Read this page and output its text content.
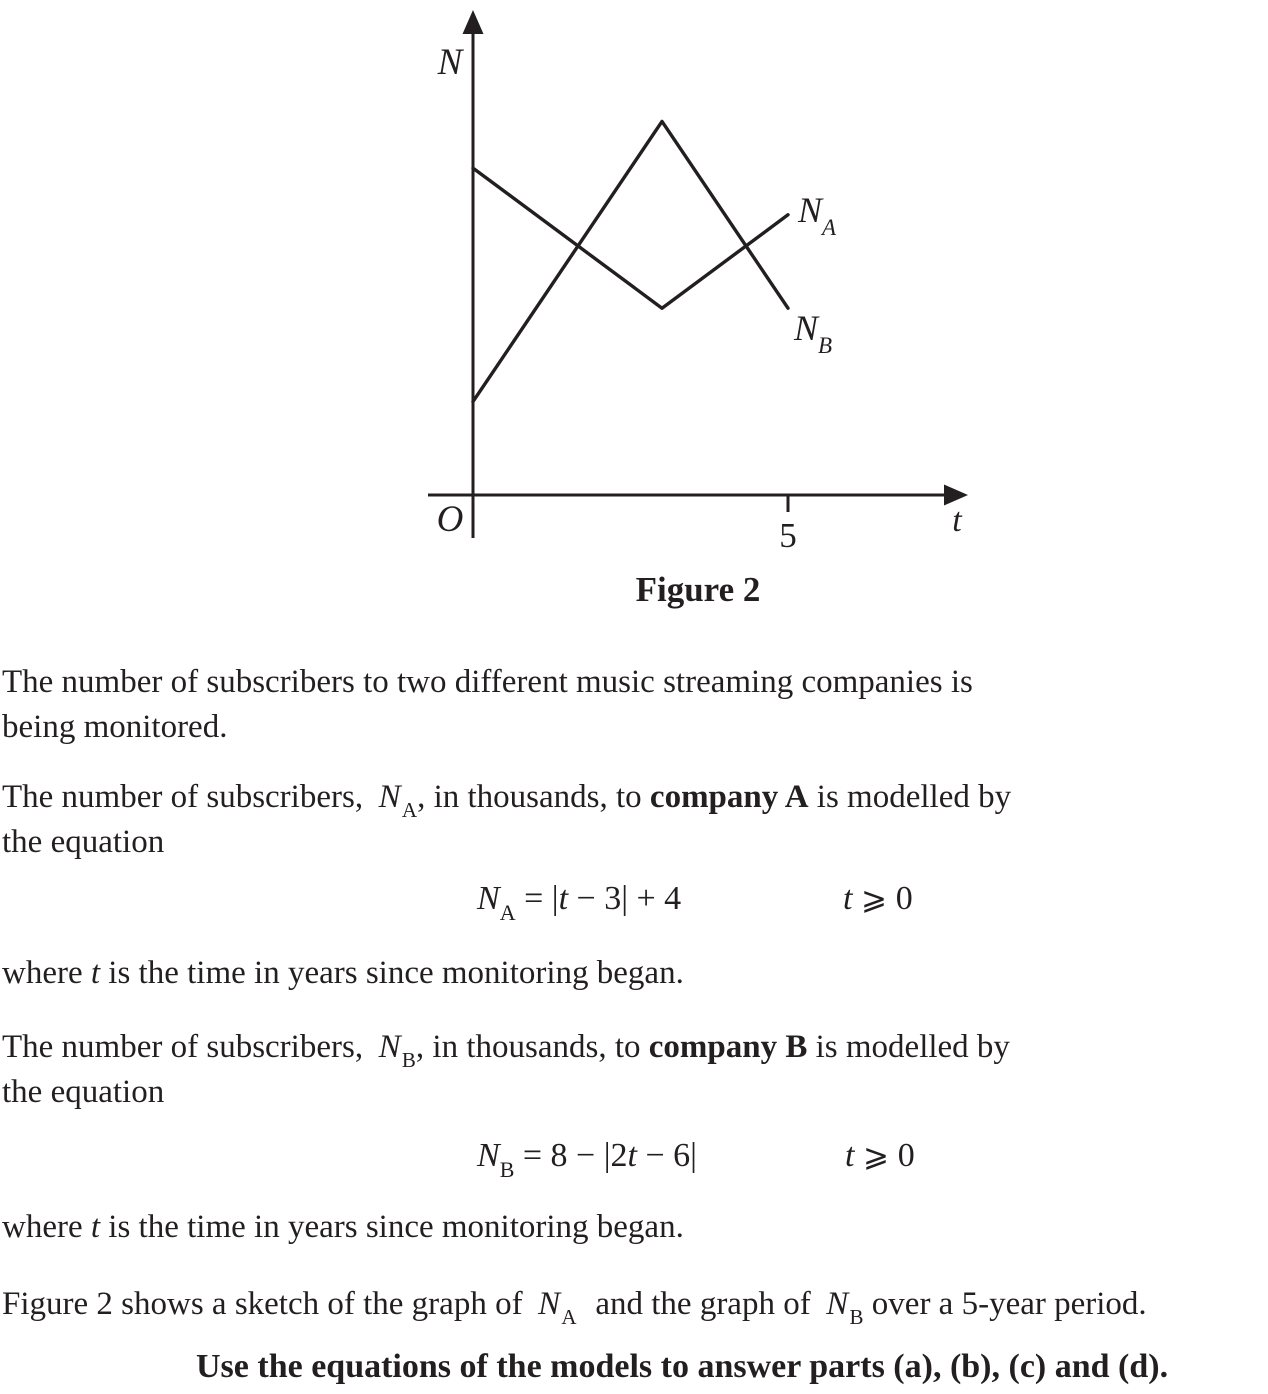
N
t
O	5
NA
NB
Figure 2
The number of subscribers to two different music streaming companies is
being monitored.
The number of subscribers, $N_A$, in thousands, to company A is modelled by
the equation
$N_A = |t - 3| + 4$	t ⩾ 0
where t is the time in years since monitoring began.
The number of subscribers, $N_B$, in thousands, to company B is modelled by
the equation
$N_B = 8 - |2t - 6|$	t ⩾ 0
where t is the time in years since monitoring began.
Figure 2 shows a sketch of the graph of $N_A$ and the graph of $N_B$ over a 5-year period.
Use the equations of the models to answer parts (a), (b), (c) and (d).
